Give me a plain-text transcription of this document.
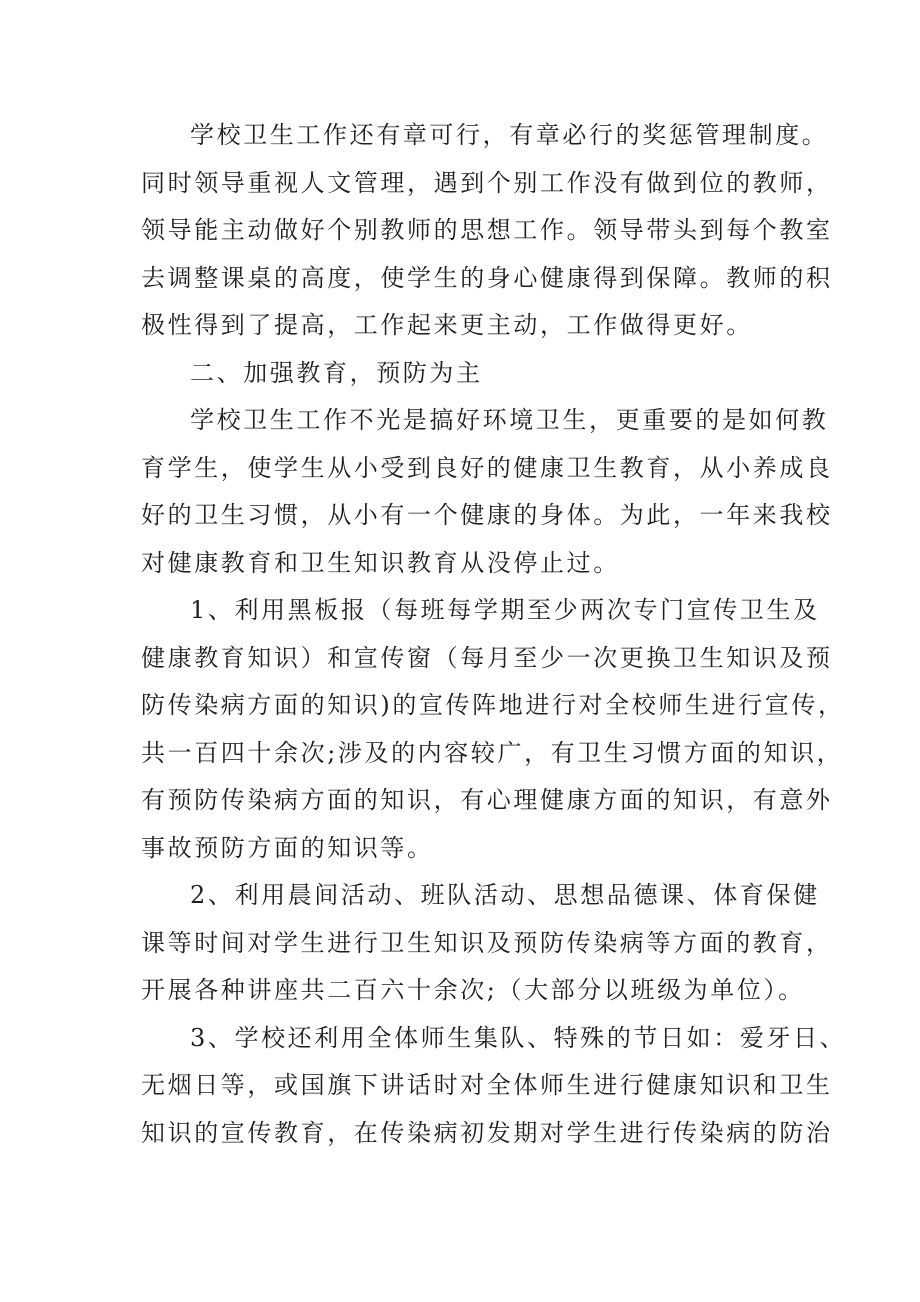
学校卫生工作还有章可行，有章必行的奖惩管理制度。
同时领导重视人文管理，遇到个别工作没有做到位的教师，
领导能主动做好个别教师的思想工作。领导带头到每个教室
去调整课桌的高度，使学生的身心健康得到保障。教师的积
极性得到了提高，工作起来更主动，工作做得更好。
二、加强教育，预防为主
学校卫生工作不光是搞好环境卫生，更重要的是如何教
育学生，使学生从小受到良好的健康卫生教育，从小养成良
好的卫生习惯，从小有一个健康的身体。为此，一年来我校
对健康教育和卫生知识教育从没停止过。
1、利用黑板报（每班每学期至少两次专门宣传卫生及
健康教育知识）和宣传窗（每月至少一次更换卫生知识及预
防传染病方面的知识)的宣传阵地进行对全校师生进行宣传，
共一百四十余次;涉及的内容较广，有卫生习惯方面的知识，
有预防传染病方面的知识，有心理健康方面的知识，有意外
事故预防方面的知识等。
2、利用晨间活动、班队活动、思想品德课、体育保健
课等时间对学生进行卫生知识及预防传染病等方面的教育，
开展各种讲座共二百六十余次;（大部分以班级为单位）。
3、学校还利用全体师生集队、特殊的节日如：爱牙日、
无烟日等，或国旗下讲话时对全体师生进行健康知识和卫生
知识的宣传教育，在传染病初发期对学生进行传染病的防治
